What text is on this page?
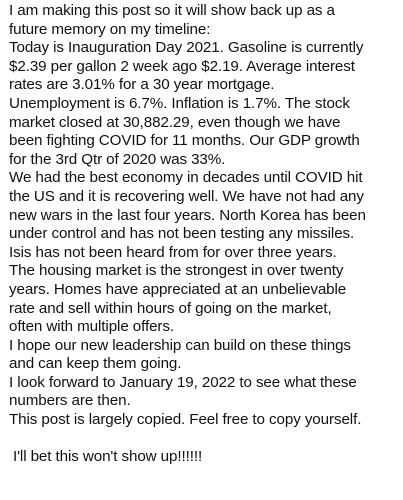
I am making this post so it will show back up as a
future memory on my timeline:
Today is Inauguration Day 2021. Gasoline is currently
$2.39 per gallon 2 week ago $2.19. Average interest
rates are 3.01% for a 30 year mortgage.
Unemployment is 6.7%. Inflation is 1.7%. The stock
market closed at 30,882.29, even though we have
been fighting COVID for 11 months. Our GDP growth
for the 3rd Qtr of 2020 was 33%.
We had the best economy in decades until COVID hit
the US and it is recovering well. We have not had any
new wars in the last four years. North Korea has been
under control and has not been testing any missiles.
Isis has not been heard from for over three years.
The housing market is the strongest in over twenty
years. Homes have appreciated at an unbelievable
rate and sell within hours of going on the market,
often with multiple offers.
I hope our new leadership can build on these things
and can keep them going.
I look forward to January 19, 2022 to see what these
numbers are then.
This post is largely copied. Feel free to copy yourself.
I'll bet this won't show up!!!!!!
